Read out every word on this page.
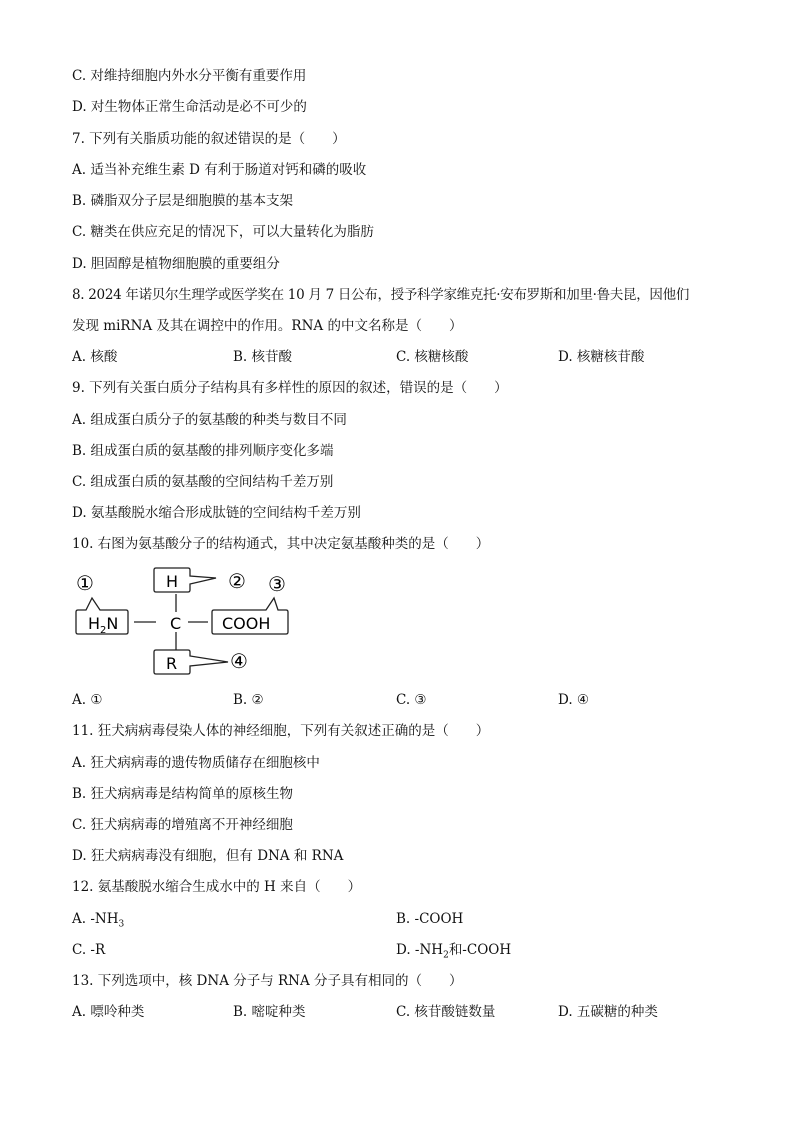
C. 对维持细胞内外水分平衡有重要作用
D. 对生物体正常生命活动是必不可少的
7. 下列有关脂质功能的叙述错误的是（　　）
A. 适当补充维生素 D 有利于肠道对钙和磷的吸收
B. 磷脂双分子层是细胞膜的基本支架
C. 糖类在供应充足的情况下，可以大量转化为脂肪
D. 胆固醇是植物细胞膜的重要组分
8. 2024 年诺贝尔生理学或医学奖在 10 月 7 日公布，授予科学家维克托·安布罗斯和加里·鲁夫昆，因他们
发现 miRNA 及其在调控中的作用。RNA 的中文名称是（　　）
A. 核酸	B. 核苷酸	C. 核糖核酸	D. 核糖核苷酸
9. 下列有关蛋白质分子结构具有多样性的原因的叙述，错误的是（　　）
A. 组成蛋白质分子的氨基酸的种类与数目不同
B. 组成蛋白质的氨基酸的排列顺序变化多端
C. 组成蛋白质的氨基酸的空间结构千差万别
D. 氨基酸脱水缩合形成肽链的空间结构千差万别
10. 右图为氨基酸分子的结构通式，其中决定氨基酸种类的是（　　）
①
$H_2N$	C
H ②
COOH
③
R	④
A. ①	B. ②	C. ③	D. ④
11. 狂犬病病毒侵染人体的神经细胞，下列有关叙述正确的是（　　）
A. 狂犬病病毒的遗传物质储存在细胞核中
B. 狂犬病病毒是结构简单的原核生物
C. 狂犬病病毒的增殖离不开神经细胞
D. 狂犬病病毒没有细胞，但有 DNA 和 RNA
12. 氨基酸脱水缩合生成水中的 H 来自（　　）
A. $-NH_3$	B. -COOH
C. -R	D. $-NH_2$和-COOH
13. 下列选项中，核 DNA 分子与 RNA 分子具有相同的（　　）
A. 嘌呤种类	B. 嘧啶种类	C. 核苷酸链数量	D. 五碳糖的种类
